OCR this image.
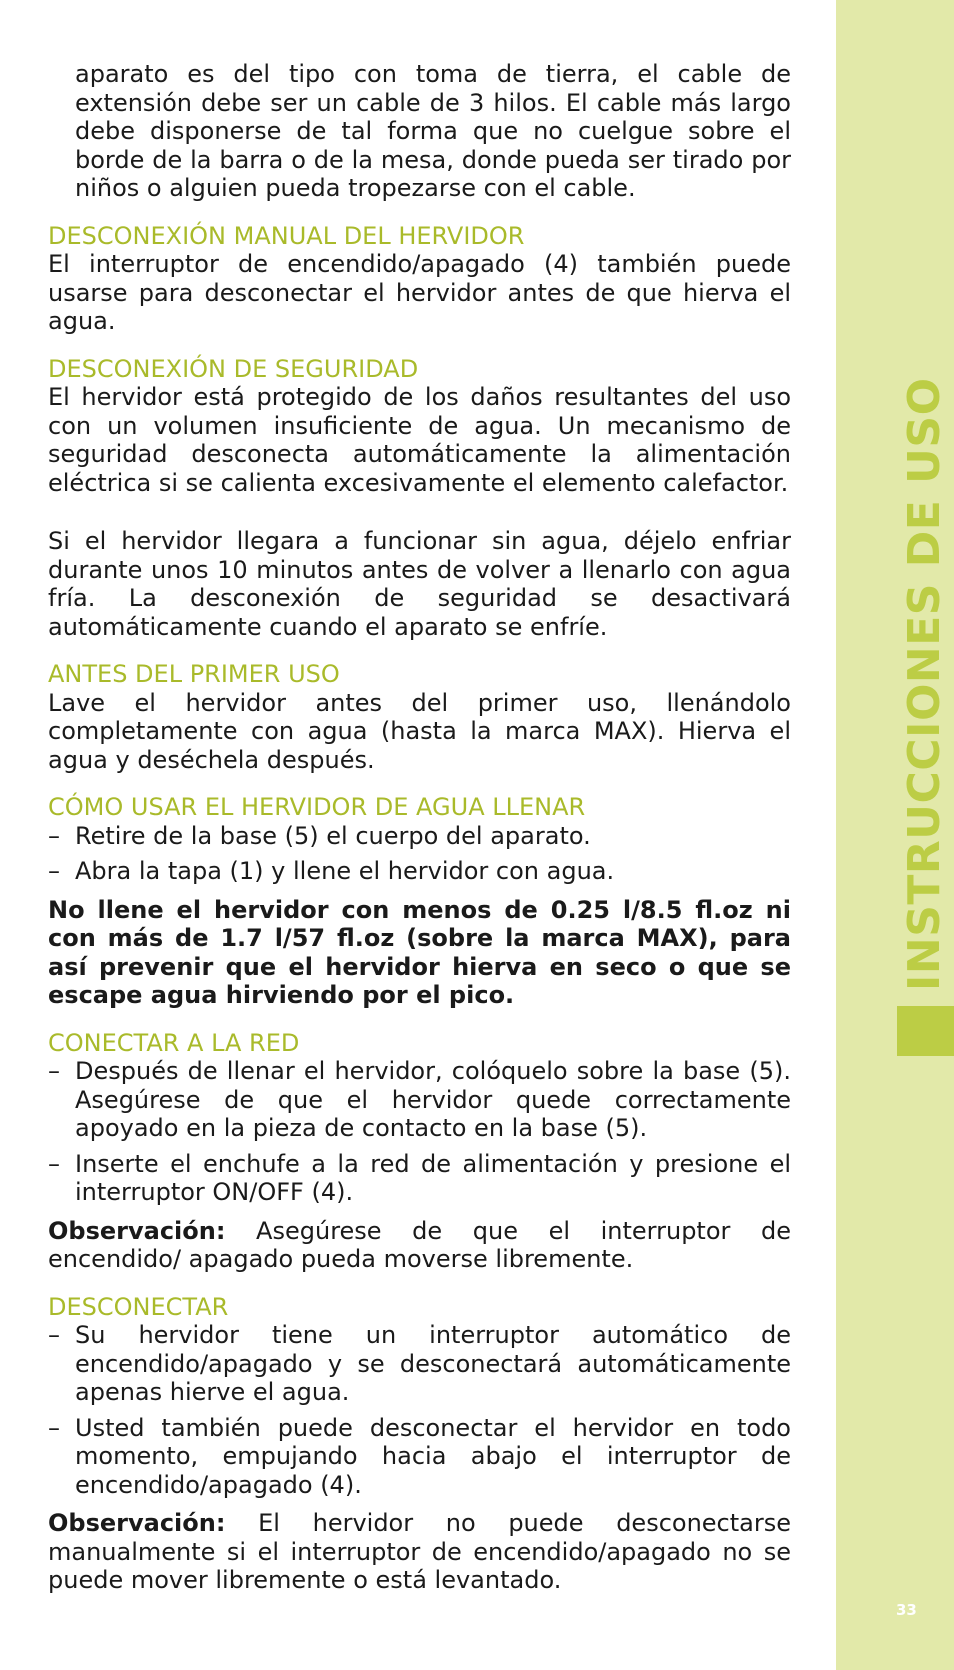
INSTRUCCIONES DE USO
33

aparato es del tipo con toma de tierra, el cable de extensión debe ser un cable de 3 hilos. El cable más largo debe disponerse de tal forma que no cuelgue sobre el borde de la barra o de la mesa, donde pueda ser tirado por niños o alguien pueda tropezarse con el cable.

DESCONEXIÓN MANUAL DEL HERVIDOR

El interruptor de encendido/apagado (4) también puede usarse para desconectar el hervidor antes de que hierva el agua.

DESCONEXIÓN DE SEGURIDAD

El hervidor está protegido de los daños resultantes del uso con un volumen insuficiente de agua. Un mecanismo de seguridad desconecta automáticamente la alimentación eléctrica si se calienta excesivamente el elemento calefactor.

Si el hervidor llegara a funcionar sin agua, déjelo enfriar durante unos 10 minutos antes de volver a llenarlo con agua fría. La desconexión de seguridad se desactivará automáticamente cuando el aparato se enfríe.

ANTES DEL PRIMER USO

Lave el hervidor antes del primer uso, llenándolo completamente con agua (hasta la marca MAX). Hierva el agua y deséchela después.

CÓMO USAR EL HERVIDOR DE AGUA LLENAR

– Retire de la base (5) el cuerpo del aparato.

– Abra la tapa (1) y llene el hervidor con agua.

No llene el hervidor con menos de 0.25 l/8.5 fl.oz ni con más de 1.7 l/57 fl.oz (sobre la marca MAX), para así prevenir que el hervidor hierva en seco o que se escape agua hirviendo por el pico.

CONECTAR A LA RED

– Después de llenar el hervidor, colóquelo sobre la base (5). Asegúrese de que el hervidor quede correctamente apoyado en la pieza de contacto en la base (5).

– Inserte el enchufe a la red de alimentación y presione el interruptor ON/OFF (4).

Observación: Asegúrese de que el interruptor de encendido/ apagado pueda moverse libremente.

DESCONECTAR

– Su hervidor tiene un interruptor automático de encendido/apagado y se desconectará automáticamente apenas hierve el agua.

– Usted también puede desconectar el hervidor en todo momento, empujando hacia abajo el interruptor de encendido/apagado (4).

Observación: El hervidor no puede desconectarse manualmente si el interruptor de encendido/apagado no se puede mover libremente o está levantado.
